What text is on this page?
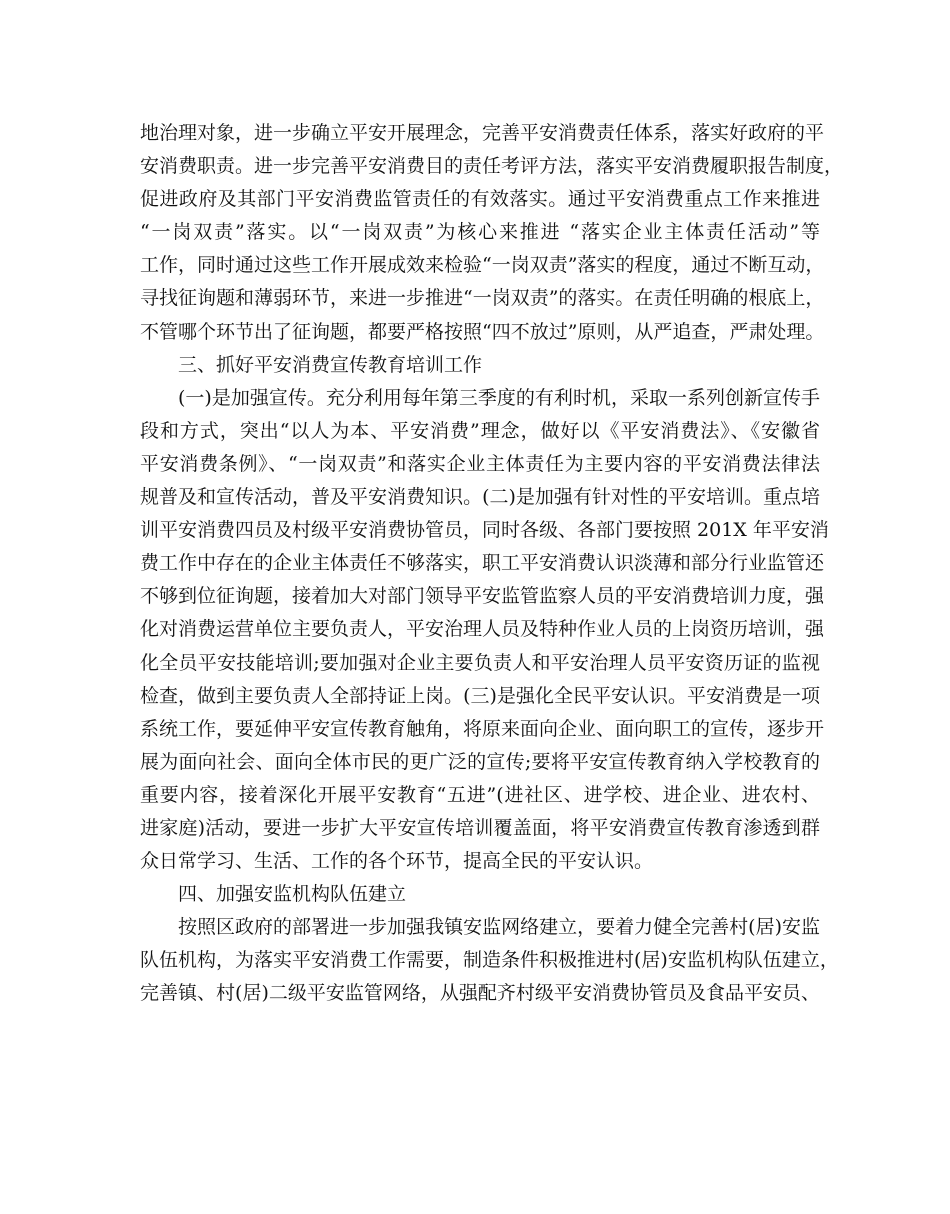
地治理对象，进一步确立平安开展理念，完善平安消费责任体系，落实好政府的平
安消费职责。进一步完善平安消费目的责任考评方法，落实平安消费履职报告制度，
促进政府及其部门平安消费监管责任的有效落实。通过平安消费重点工作来推进
“一岗双责”落实。以“一岗双责”为核心来推进 “落实企业主体责任活动”等
工作，同时通过这些工作开展成效来检验“一岗双责”落实的程度，通过不断互动，
寻找征询题和薄弱环节，来进一步推进“一岗双责”的落实。在责任明确的根底上，
不管哪个环节出了征询题，都要严格按照“四不放过”原则，从严追查，严肃处理。
三、抓好平安消费宣传教育培训工作
(一)是加强宣传。充分利用每年第三季度的有利时机，采取一系列创新宣传手
段和方式，突出“以人为本、平安消费”理念，做好以《平安消费法》、《安徽省
平安消费条例》、“一岗双责”和落实企业主体责任为主要内容的平安消费法律法
规普及和宣传活动，普及平安消费知识。(二)是加强有针对性的平安培训。重点培
训平安消费四员及村级平安消费协管员，同时各级、各部门要按照 201X 年平安消
费工作中存在的企业主体责任不够落实，职工平安消费认识淡薄和部分行业监管还
不够到位征询题，接着加大对部门领导平安监管监察人员的平安消费培训力度，强
化对消费运营单位主要负责人，平安治理人员及特种作业人员的上岗资历培训，强
化全员平安技能培训;要加强对企业主要负责人和平安治理人员平安资历证的监视
检查，做到主要负责人全部持证上岗。(三)是强化全民平安认识。平安消费是一项
系统工作，要延伸平安宣传教育触角，将原来面向企业、面向职工的宣传，逐步开
展为面向社会、面向全体市民的更广泛的宣传;要将平安宣传教育纳入学校教育的
重要内容，接着深化开展平安教育“五进”(进社区、进学校、进企业、进农村、
进家庭)活动，要进一步扩大平安宣传培训覆盖面，将平安消费宣传教育渗透到群
众日常学习、生活、工作的各个环节，提高全民的平安认识。
四、加强安监机构队伍建立
按照区政府的部署进一步加强我镇安监网络建立，要着力健全完善村(居)安监
队伍机构，为落实平安消费工作需要，制造条件积极推进村(居)安监机构队伍建立，
完善镇、村(居)二级平安监管网络，从强配齐村级平安消费协管员及食品平安员、
